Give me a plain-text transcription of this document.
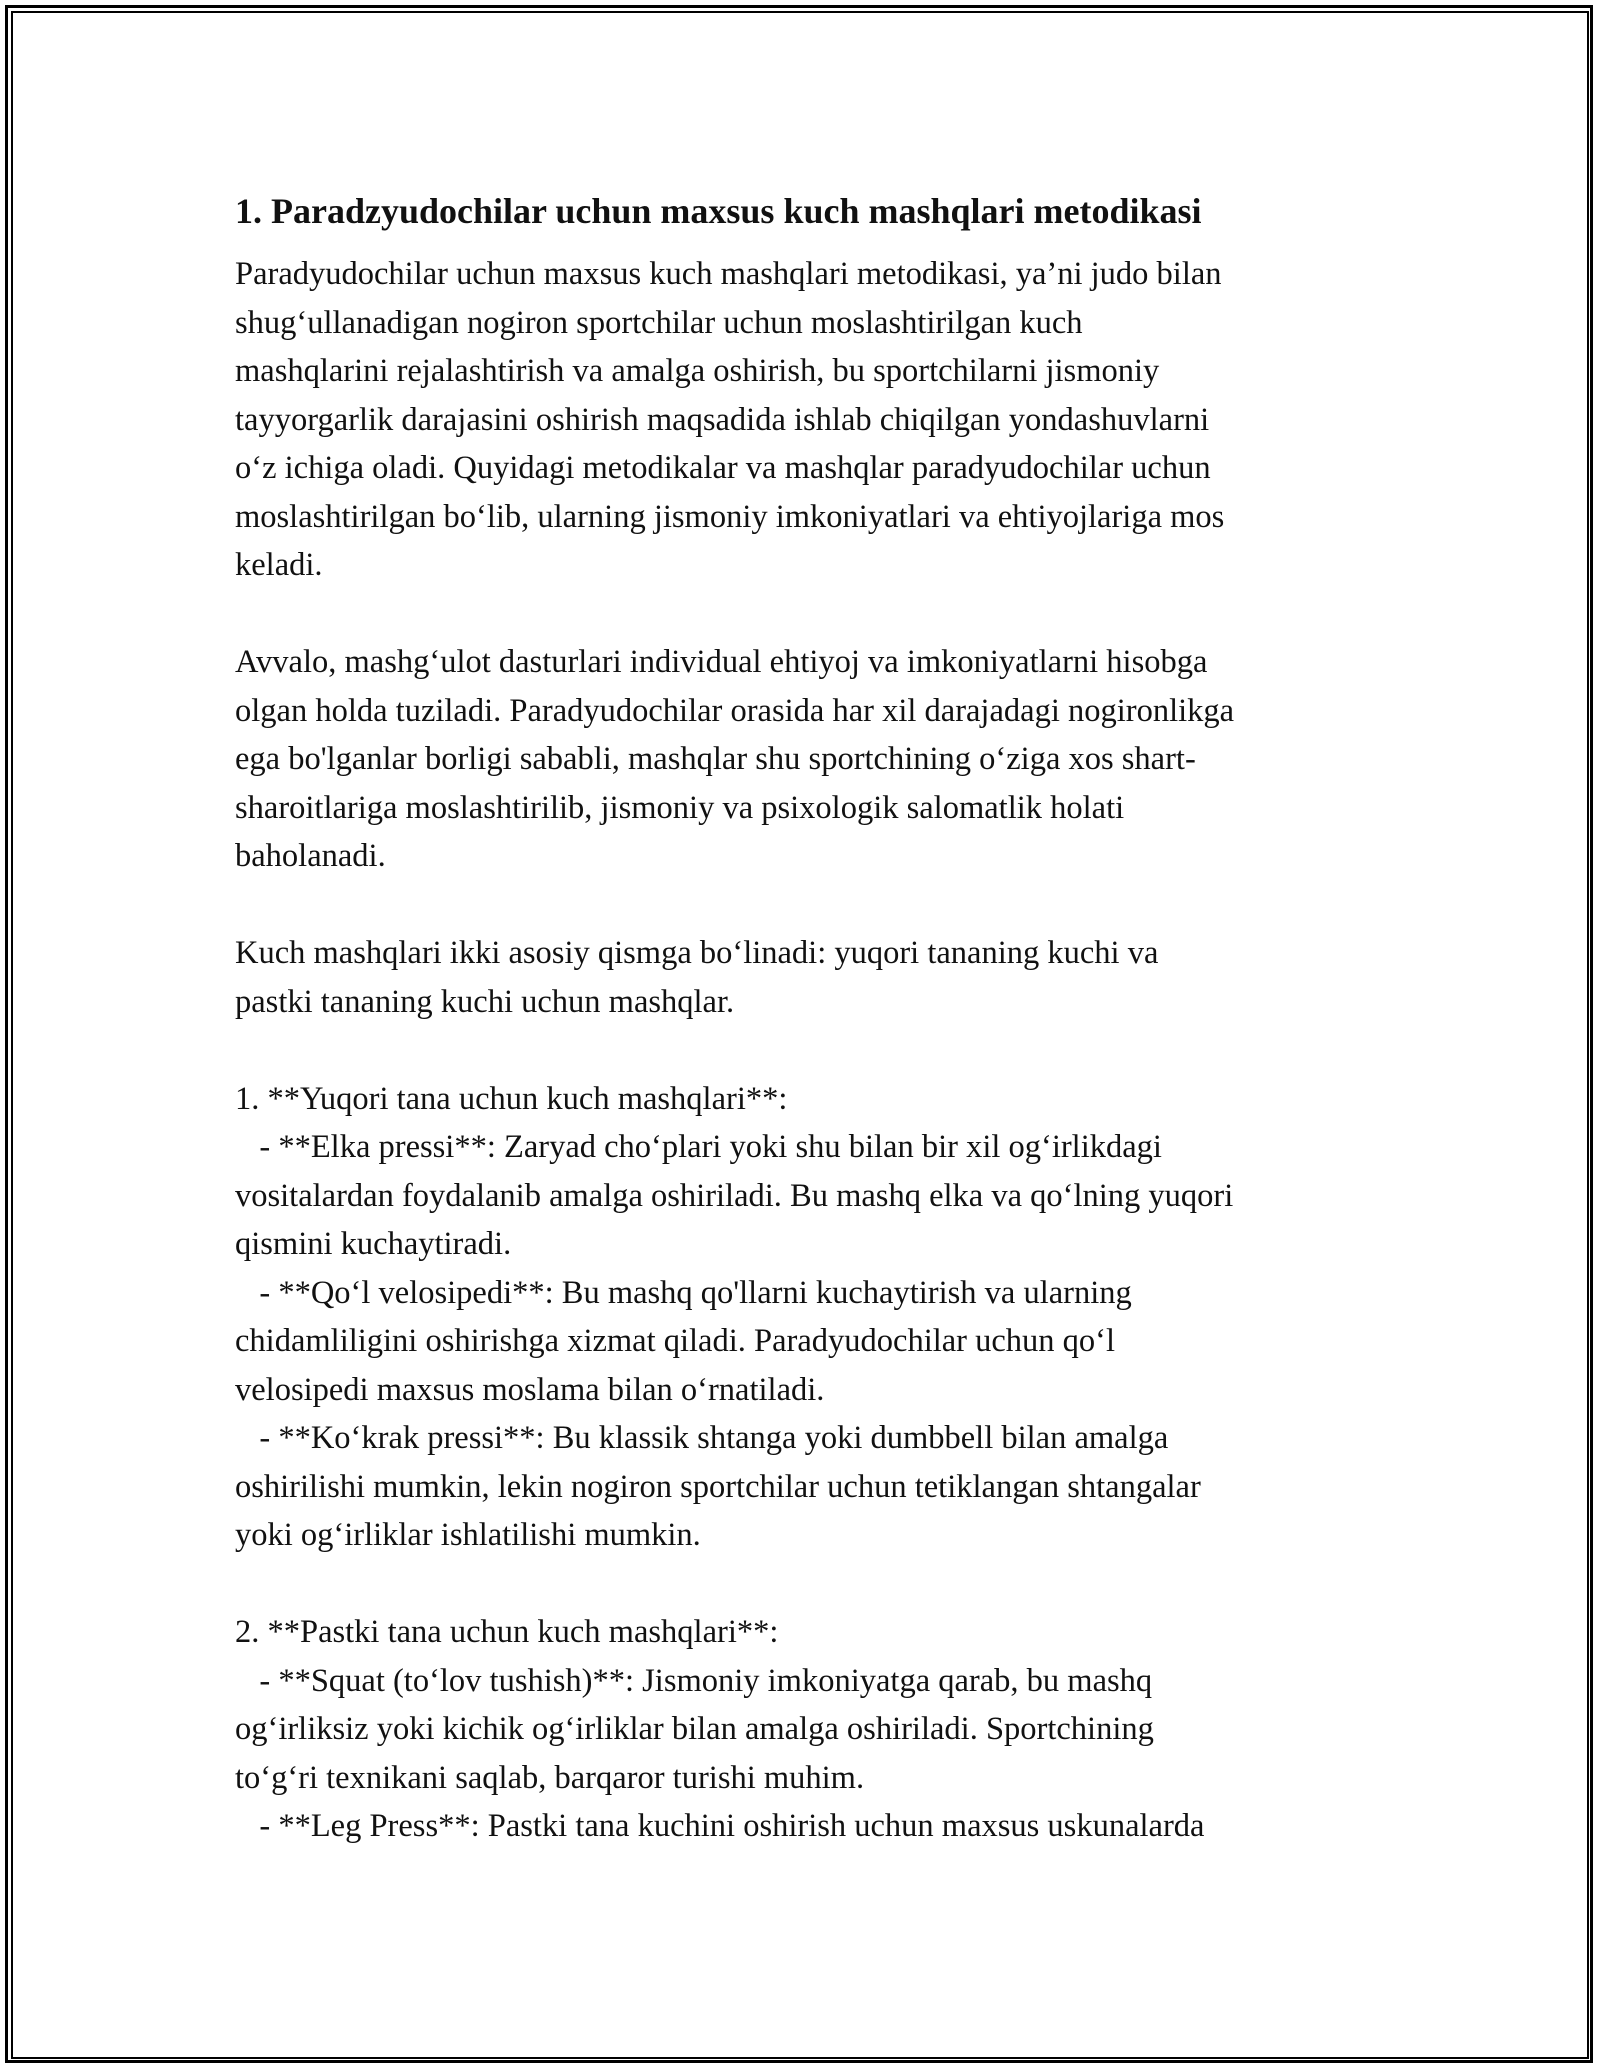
1. Paradzyudochilar uchun maxsus kuch mashqlari metodikasi
Paradyudochilar uchun maxsus kuch mashqlari metodikasi, ya’ni judo bilan
shug‘ullanadigan nogiron sportchilar uchun moslashtirilgan kuch
mashqlarini rejalashtirish va amalga oshirish, bu sportchilarni jismoniy
tayyorgarlik darajasini oshirish maqsadida ishlab chiqilgan yondashuvlarni
o‘z ichiga oladi. Quyidagi metodikalar va mashqlar paradyudochilar uchun
moslashtirilgan bo‘lib, ularning jismoniy imkoniyatlari va ehtiyojlariga mos
keladi.
Avvalo, mashg‘ulot dasturlari individual ehtiyoj va imkoniyatlarni hisobga
olgan holda tuziladi. Paradyudochilar orasida har xil darajadagi nogironlikga
ega bo'lganlar borligi sababli, mashqlar shu sportchining o‘ziga xos shart-
sharoitlariga moslashtirilib, jismoniy va psixologik salomatlik holati
baholanadi.
Kuch mashqlari ikki asosiy qismga bo‘linadi: yuqori tananing kuchi va
pastki tananing kuchi uchun mashqlar.
1. **Yuqori tana uchun kuch mashqlari**:
- **Elka pressi**: Zaryad cho‘plari yoki shu bilan bir xil og‘irlikdagi
vositalardan foydalanib amalga oshiriladi. Bu mashq elka va qo‘lning yuqori
qismini kuchaytiradi.
- **Qo‘l velosipedi**: Bu mashq qo'llarni kuchaytirish va ularning
chidamliligini oshirishga xizmat qiladi. Paradyudochilar uchun qo‘l
velosipedi maxsus moslama bilan o‘rnatiladi.
- **Ko‘krak pressi**: Bu klassik shtanga yoki dumbbell bilan amalga
oshirilishi mumkin, lekin nogiron sportchilar uchun tetiklangan shtangalar
yoki og‘irliklar ishlatilishi mumkin.
2. **Pastki tana uchun kuch mashqlari**:
- **Squat (to‘lov tushish)**: Jismoniy imkoniyatga qarab, bu mashq
og‘irliksiz yoki kichik og‘irliklar bilan amalga oshiriladi. Sportchining
to‘g‘ri texnikani saqlab, barqaror turishi muhim.
- **Leg Press**: Pastki tana kuchini oshirish uchun maxsus uskunalarda
